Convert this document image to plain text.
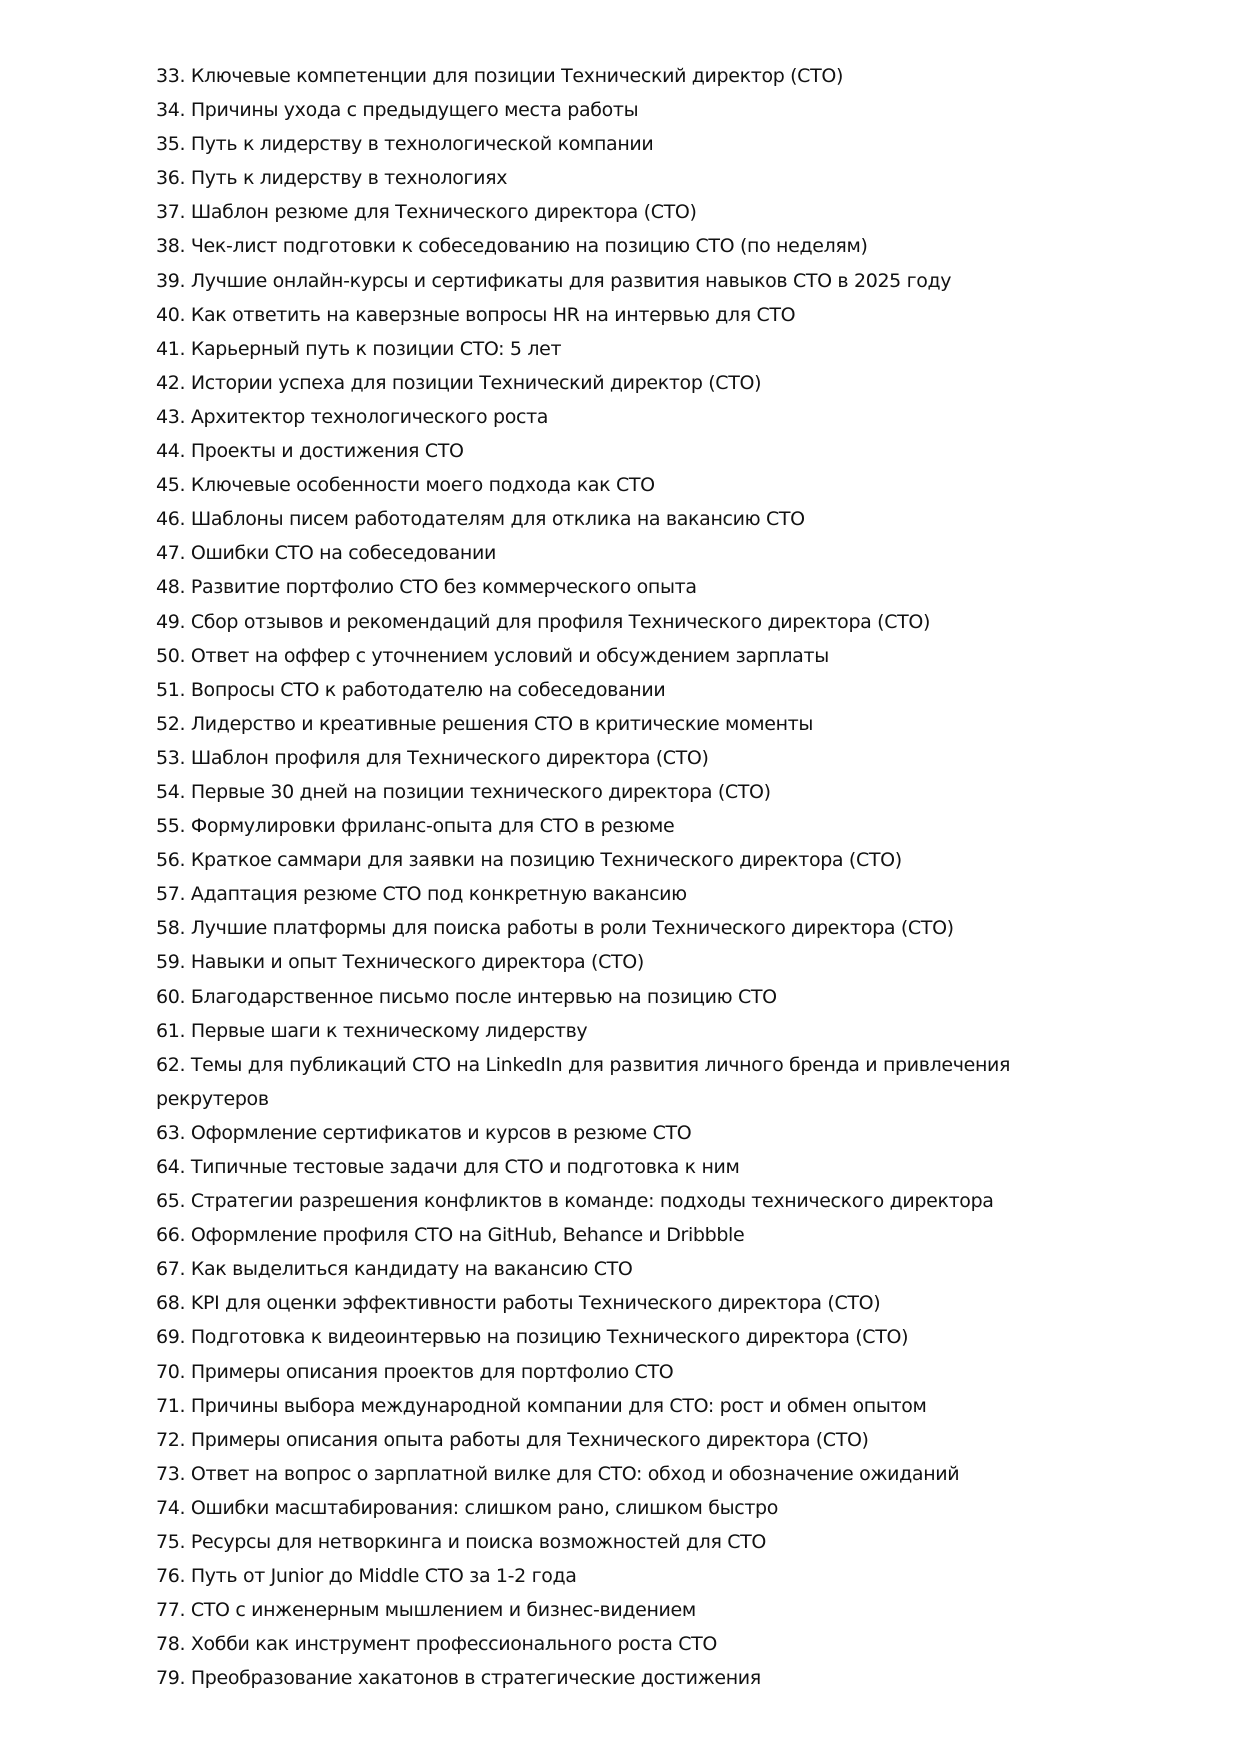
33. Ключевые компетенции для позиции Технический директор (CTO)
34. Причины ухода с предыдущего места работы
35. Путь к лидерству в технологической компании
36. Путь к лидерству в технологиях
37. Шаблон резюме для Технического директора (CTO)
38. Чек-лист подготовки к собеседованию на позицию CTO (по неделям)
39. Лучшие онлайн-курсы и сертификаты для развития навыков CTO в 2025 году
40. Как ответить на каверзные вопросы HR на интервью для CTO
41. Карьерный путь к позиции CTO: 5 лет
42. Истории успеха для позиции Технический директор (CTO)
43. Архитектор технологического роста
44. Проекты и достижения CTO
45. Ключевые особенности моего подхода как CTO
46. Шаблоны писем работодателям для отклика на вакансию CTO
47. Ошибки CTO на собеседовании
48. Развитие портфолио CTO без коммерческого опыта
49. Сбор отзывов и рекомендаций для профиля Технического директора (CTO)
50. Ответ на оффер с уточнением условий и обсуждением зарплаты
51. Вопросы CTO к работодателю на собеседовании
52. Лидерство и креативные решения CTO в критические моменты
53. Шаблон профиля для Технического директора (CTO)
54. Первые 30 дней на позиции технического директора (CTO)
55. Формулировки фриланс-опыта для CTO в резюме
56. Краткое саммари для заявки на позицию Технического директора (CTO)
57. Адаптация резюме CTO под конкретную вакансию
58. Лучшие платформы для поиска работы в роли Технического директора (CTO)
59. Навыки и опыт Технического директора (CTO)
60. Благодарственное письмо после интервью на позицию CTO
61. Первые шаги к техническому лидерству
62. Темы для публикаций CTO на LinkedIn для развития личного бренда и привлечения рекрутеров
63. Оформление сертификатов и курсов в резюме CTO
64. Типичные тестовые задачи для CTO и подготовка к ним
65. Стратегии разрешения конфликтов в команде: подходы технического директора
66. Оформление профиля CTO на GitHub, Behance и Dribbble
67. Как выделиться кандидату на вакансию CTO
68. KPI для оценки эффективности работы Технического директора (CTO)
69. Подготовка к видеоинтервью на позицию Технического директора (CTO)
70. Примеры описания проектов для портфолио CTO
71. Причины выбора международной компании для CTO: рост и обмен опытом
72. Примеры описания опыта работы для Технического директора (CTO)
73. Ответ на вопрос о зарплатной вилке для CTO: обход и обозначение ожиданий
74. Ошибки масштабирования: слишком рано, слишком быстро
75. Ресурсы для нетворкинга и поиска возможностей для CTO
76. Путь от Junior до Middle CTO за 1-2 года
77. CTO с инженерным мышлением и бизнес-видением
78. Хобби как инструмент профессионального роста CTO
79. Преобразование хакатонов в стратегические достижения
